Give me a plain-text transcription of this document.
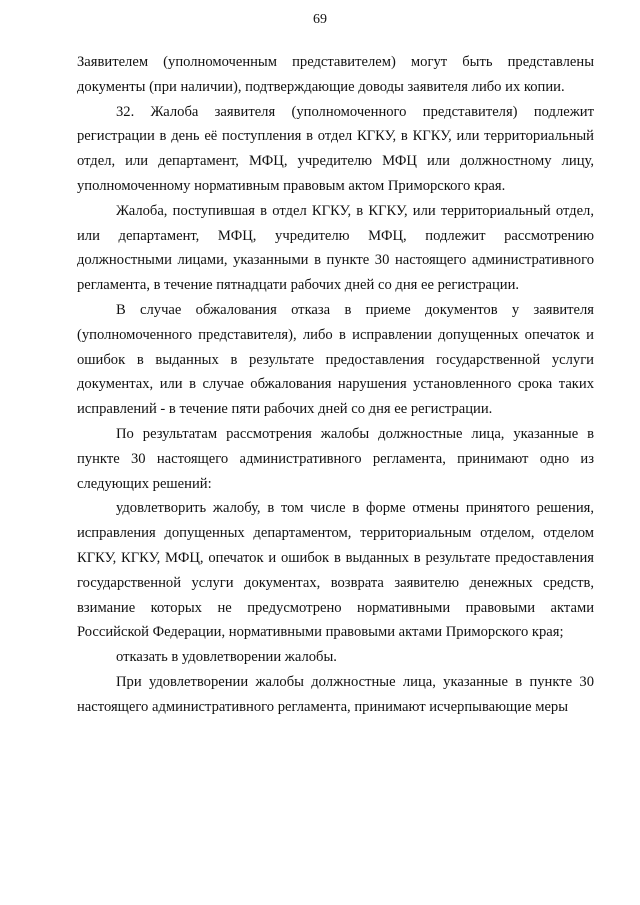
69

Заявителем (уполномоченным представителем) могут быть представлены документы (при наличии), подтверждающие доводы заявителя либо их копии.

32. Жалоба заявителя (уполномоченного представителя) подлежит регистрации в день её поступления в отдел КГКУ, в КГКУ, или территориальный отдел, или департамент, МФЦ, учредителю МФЦ или должностному лицу, уполномоченному нормативным правовым актом Приморского края.

Жалоба, поступившая в отдел КГКУ, в КГКУ, или территориальный отдел, или департамент, МФЦ, учредителю МФЦ, подлежит рассмотрению должностными лицами, указанными в пункте 30 настоящего административного регламента, в течение пятнадцати рабочих дней со дня ее регистрации.

В случае обжалования отказа в приеме документов у заявителя (уполномоченного представителя), либо в исправлении допущенных опечаток и ошибок в выданных в результате предоставления государственной услуги документах, или в случае обжалования нарушения установленного срока таких исправлений - в течение пяти рабочих дней со дня ее регистрации.

По результатам рассмотрения жалобы должностные лица, указанные в пункте 30 настоящего административного регламента, принимают одно из следующих решений:

удовлетворить жалобу, в том числе в форме отмены принятого решения, исправления допущенных департаментом, территориальным отделом, отделом КГКУ, КГКУ, МФЦ, опечаток и ошибок в выданных в результате предоставления государственной услуги документах, возврата заявителю денежных средств, взимание которых не предусмотрено нормативными правовыми актами Российской Федерации, нормативными правовыми актами Приморского края;

отказать в удовлетворении жалобы.

При удовлетворении жалобы должностные лица, указанные в пункте 30 настоящего административного регламента, принимают исчерпывающие меры
